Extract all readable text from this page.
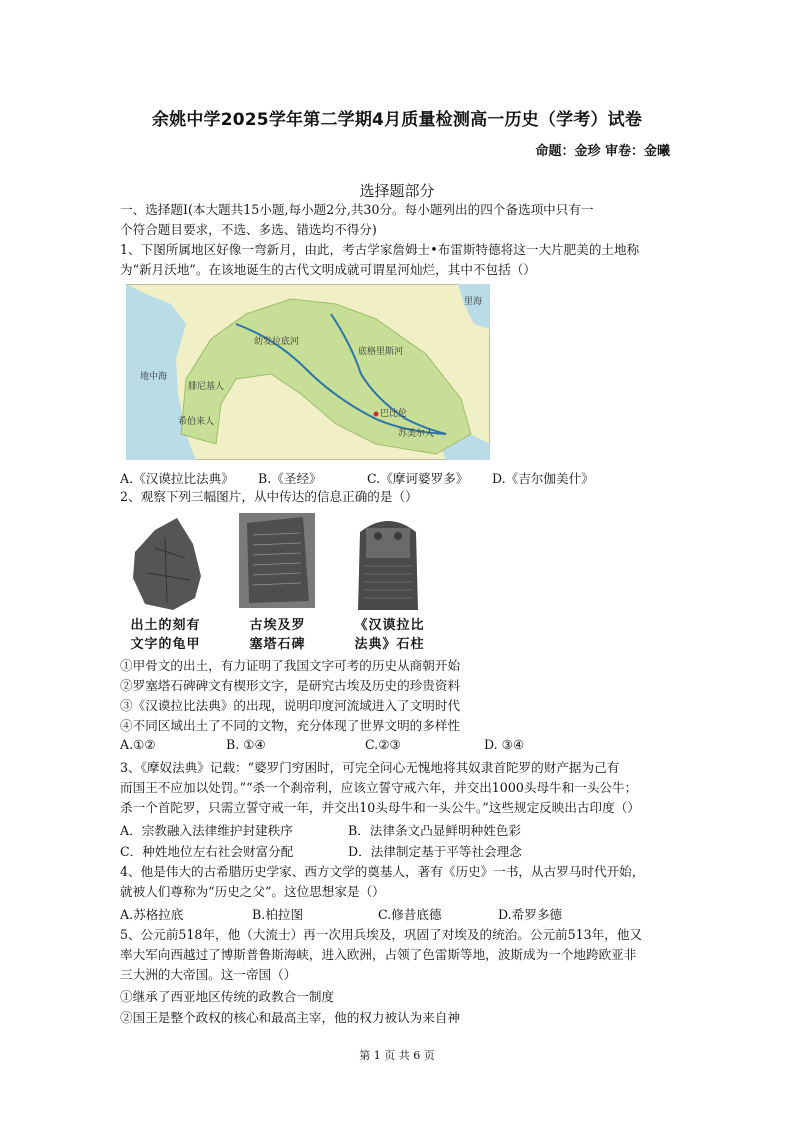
余姚中学2025学年第二学期4月质量检测高一历史（学考）试卷
命题：金珍 审卷：金曦
选择题部分
一、选择题Ⅰ(本大题共15小题,每小题2分,共30分。每小题列出的四个备选项中只有一
个符合题目要求，不选、多选、错选均不得分)
1、下图所属地区好像一弯新月，由此，考古学家詹姆士•布雷斯特德将这一大片肥美的土地称
为“新月沃地”。在该地诞生的古代文明成就可谓星河灿烂，其中不包括（）
地中海
腓尼基人
希伯来人
幼发拉底河
底格里斯河
巴比伦
苏美尔人
里海
A.《汉谟拉比法典》 B.《圣经》	C.《摩诃婆罗多》 D.《吉尔伽美什》
2、观察下列三幅图片，从中传达的信息正确的是（）
出土的刻有
文字的龟甲
古埃及罗
塞塔石碑
《汉谟拉比
法典》石柱
①甲骨文的出土，有力证明了我国文字可考的历史从商朝开始
②罗塞塔石碑碑文有楔形文字，是研究古埃及历史的珍贵资料
③《汉谟拉比法典》的出现，说明印度河流域进入了文明时代
④不同区域出土了不同的文物，充分体现了世界文明的多样性
A.①②	B. ①④	C.②③	D. ③④
3、《摩奴法典》记载：“婆罗门穷困时，可完全问心无愧地将其奴隶首陀罗的财产据为己有
而国王不应加以处罚。”“杀一个刹帝利，应该立誓守戒六年，并交出1000头母牛和一头公牛；
杀一个首陀罗，只需立誓守戒一年，并交出10头母牛和一头公牛。”这些规定反映出古印度（）
A．宗教融入法律维护封建秩序	B．法律条文凸显鲜明种姓色彩
C．种姓地位左右社会财富分配	D．法律制定基于平等社会理念
4、他是伟大的古希腊历史学家、西方文学的奠基人，著有《历史》一书，从古罗马时代开始，
就被人们尊称为“历史之父”。这位思想家是（）
A.苏格拉底	B.柏拉图	C.修昔底德	D.希罗多德
5、公元前518年，他（大流士）再一次用兵埃及，巩固了对埃及的统治。公元前513年，他又
率大军向西越过了博斯普鲁斯海峡，进入欧洲，占领了色雷斯等地，波斯成为一个地跨欧亚非
三大洲的大帝国。这一帝国（）
①继承了西亚地区传统的政教合一制度
②国王是整个政权的核心和最高主宰，他的权力被认为来自神
第 1 页 共 6 页
